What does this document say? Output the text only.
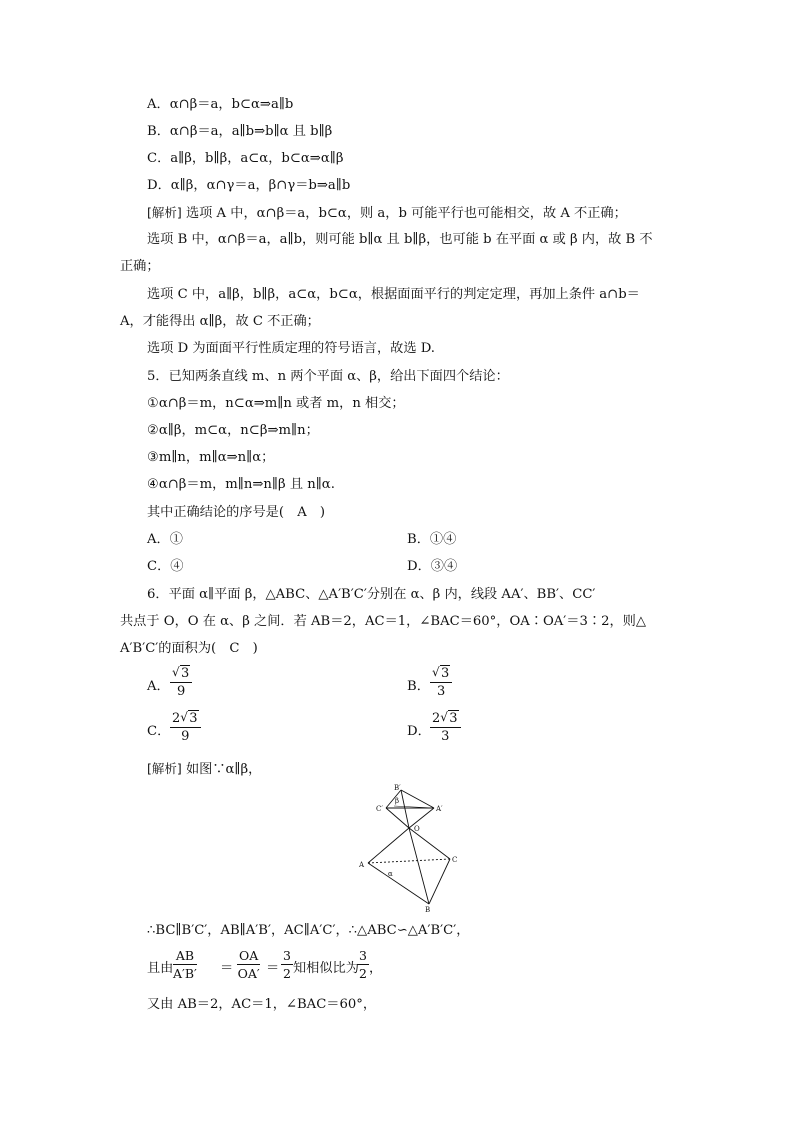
A．α∩β＝a，b⊂α⇒a∥b
B．α∩β＝a，a∥b⇒b∥α 且 b∥β
C．a∥β，b∥β，a⊂α，b⊂α⇒α∥β
D．α∥β，α∩γ＝a，β∩γ＝b⇒a∥b
[解析] 选项 A 中，α∩β＝a，b⊂α，则 a，b 可能平行也可能相交，故 A 不正确；
选项 B 中，α∩β＝a，a∥b，则可能 b∥α 且 b∥β，也可能 b 在平面 α 或 β 内，故 B 不
正确；
选项 C 中，a∥β，b∥β，a⊂α，b⊂α，根据面面平行的判定定理，再加上条件 a∩b＝
A，才能得出 α∥β，故 C 不正确；
选项 D 为面面平行性质定理的符号语言，故选 D.
5．已知两条直线 m、n 两个平面 α、β，给出下面四个结论：
①α∩β＝m，n⊂α⇒m∥n 或者 m，n 相交；
②α∥β，m⊂α，n⊂β⇒m∥n；
③m∥n，m∥α⇒n∥α；
④α∩β＝m，m∥n⇒n∥β 且 n∥α.
其中正确结论的序号是(　A　)
A．①	B．①④
C．④	D．③④
6．平面 α∥平面 β，△ABC、△A′B′C′分别在 α、β 内，线段 AA′、BB′、CC′
共点于 O，O 在 α、β 之间．若 AB＝2，AC＝1，∠BAC＝60°，OA∶OA′＝3∶2，则△
A′B′C′的面积为(　C　)
A． √ $\frac{3}{9}$	B． √ $\frac{3}{3}$
C． $\frac{2 √ 3}{9}$	D． $\frac{2 √ 3}{3}$
[解析] 如图∵α∥β，
B′
C′	A′
β
O
A
C
α
B
∴BC∥B′C′，AB∥A′B′，AC∥A′C′，∴△ABC∽△A′B′C′，
且由 $\frac{AB}{A'B'} = \frac{OA}{OA'} = \frac{3}{2}$ 知相似比为
$\frac{3}{2}$ ，
又由 AB＝2，AC＝1，∠BAC＝60°，
